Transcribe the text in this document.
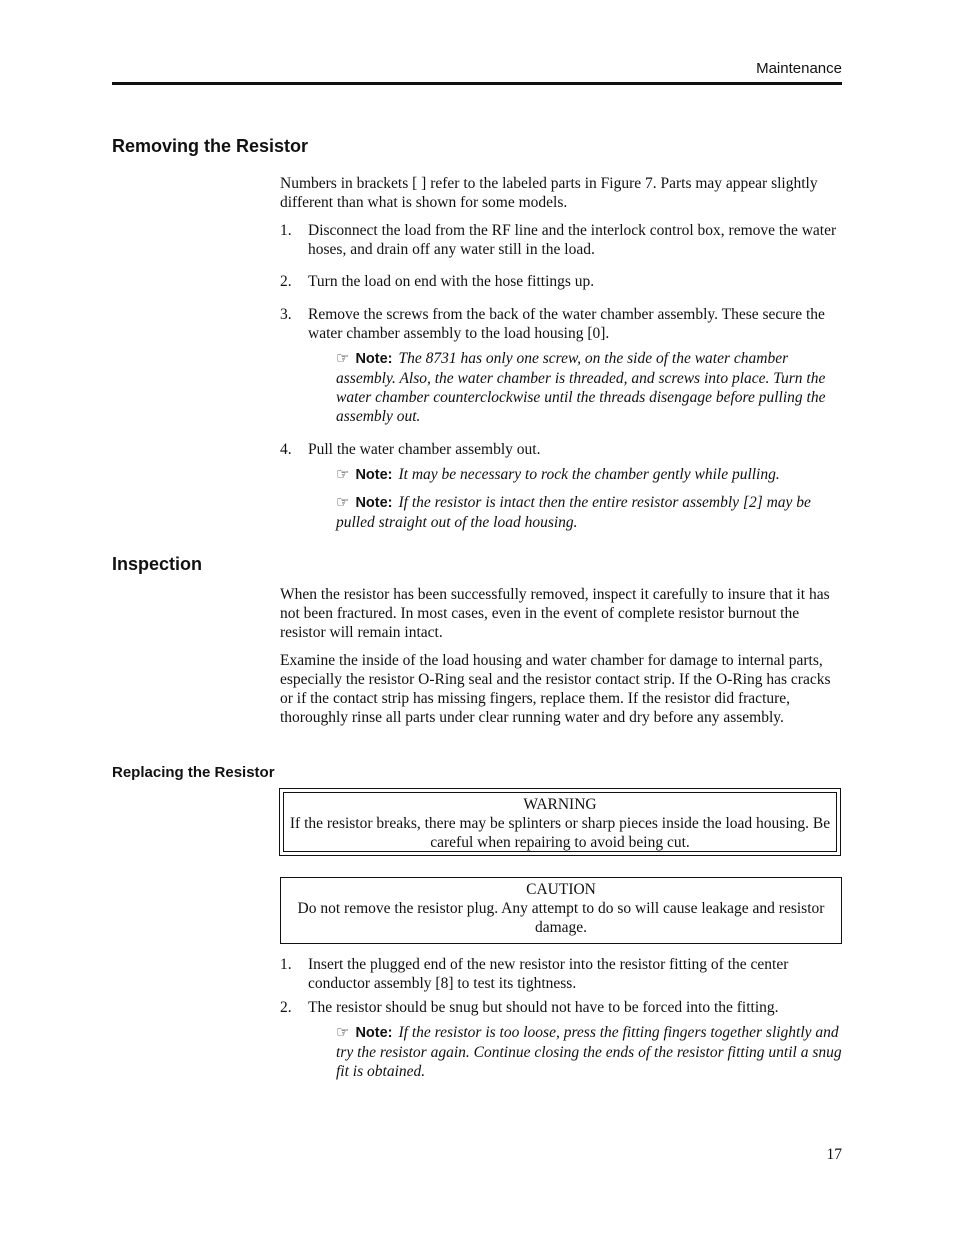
Maintenance
Removing the Resistor

Numbers in brackets [ ] refer to the labeled parts in Figure 7. Parts may appear slightly different than what is shown for some models.

1. Disconnect the load from the RF line and the interlock control box, remove the water hoses, and drain off any water still in the load.
2. Turn the load on end with the hose fittings up.
3. Remove the screws from the back of the water chamber assembly. These secure the water chamber assembly to the load housing [0].
☞ Note: The 8731 has only one screw, on the side of the water chamber assembly. Also, the water chamber is threaded, and screws into place. Turn the water chamber counterclockwise until the threads disengage before pulling the assembly out.
4. Pull the water chamber assembly out.
☞ Note: It may be necessary to rock the chamber gently while pulling.
☞ Note: If the resistor is intact then the entire resistor assembly [2] may be pulled straight out of the load housing.
Inspection

When the resistor has been successfully removed, inspect it carefully to insure that it has not been fractured. In most cases, even in the event of complete resistor burnout the resistor will remain intact.

Examine the inside of the load housing and water chamber for damage to internal parts, especially the resistor O-Ring seal and the resistor contact strip. If the O-Ring has cracks or if the contact strip has missing fingers, replace them. If the resistor did fracture, thoroughly rinse all parts under clear running water and dry before any assembly.

Replacing the Resistor
WARNING
If the resistor breaks, there may be splinters or sharp pieces inside the load housing. Be careful when repairing to avoid being cut.
CAUTION
Do not remove the resistor plug. Any attempt to do so will cause leakage and resistor damage.
1. Insert the plugged end of the new resistor into the resistor fitting of the center conductor assembly [8] to test its tightness.
2. The resistor should be snug but should not have to be forced into the fitting.
☞ Note: If the resistor is too loose, press the fitting fingers together slightly and try the resistor again. Continue closing the ends of the resistor fitting until a snug fit is obtained.
17
